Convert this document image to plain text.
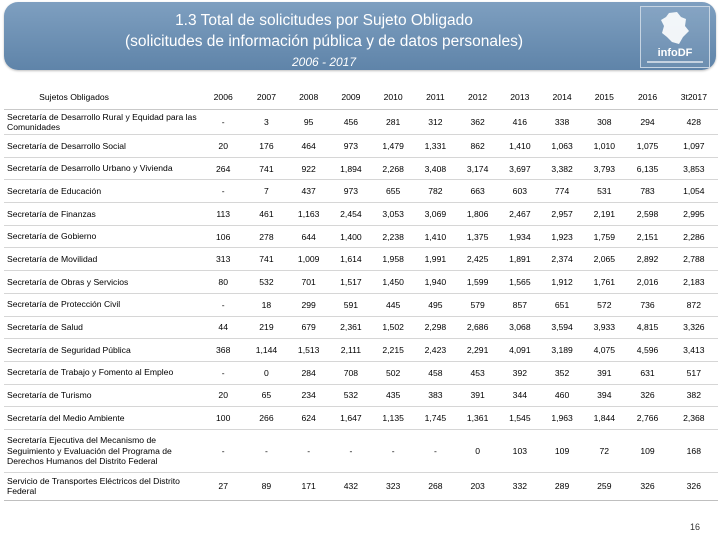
1.3 Total de solicitudes por Sujeto Obligado
(solicitudes de información pública y de datos personales)
2006 - 2017
infoDF
Sujetos Obligados	2006	2007	2008	2009	2010	2011	2012	2013	2014	2015	2016	3t2017
Secretaría de Desarrollo Rural y Equidad para las Comunidades	-	3	95	456	281	312	362	416	338	308	294	428
Secretaría de Desarrollo Social	20	176	464	973	1,479	1,331	862	1,410	1,063	1,010	1,075	1,097
Secretaría de Desarrollo Urbano y Vivienda	264	741	922	1,894	2,268	3,408	3,174	3,697	3,382	3,793	6,135	3,853
Secretaría de Educación	-	7	437	973	655	782	663	603	774	531	783	1,054
Secretaría de Finanzas	113	461	1,163	2,454	3,053	3,069	1,806	2,467	2,957	2,191	2,598	2,995
Secretaría de Gobierno	106	278	644	1,400	2,238	1,410	1,375	1,934	1,923	1,759	2,151	2,286
Secretaría de Movilidad	313	741	1,009	1,614	1,958	1,991	2,425	1,891	2,374	2,065	2,892	2,788
Secretaría de Obras y Servicios	80	532	701	1,517	1,450	1,940	1,599	1,565	1,912	1,761	2,016	2,183
Secretaría de Protección Civil	-	18	299	591	445	495	579	857	651	572	736	872
Secretaría de Salud	44	219	679	2,361	1,502	2,298	2,686	3,068	3,594	3,933	4,815	3,326
Secretaría de Seguridad Pública	368	1,144	1,513	2,111	2,215	2,423	2,291	4,091	3,189	4,075	4,596	3,413
Secretaría de Trabajo y Fomento al Empleo	-	0	284	708	502	458	453	392	352	391	631	517
Secretaría de Turismo	20	65	234	532	435	383	391	344	460	394	326	382
Secretaría del Medio Ambiente	100	266	624	1,647	1,135	1,745	1,361	1,545	1,963	1,844	2,766	2,368
Secretaría Ejecutiva del Mecanismo de Seguimiento y Evaluación del Programa de Derechos Humanos del Distrito Federal	-	-	-	-	-	-	0	103	109	72	109	168
Servicio de Transportes Eléctricos del Distrito Federal	27	89	171	432	323	268	203	332	289	259	326	326
16
